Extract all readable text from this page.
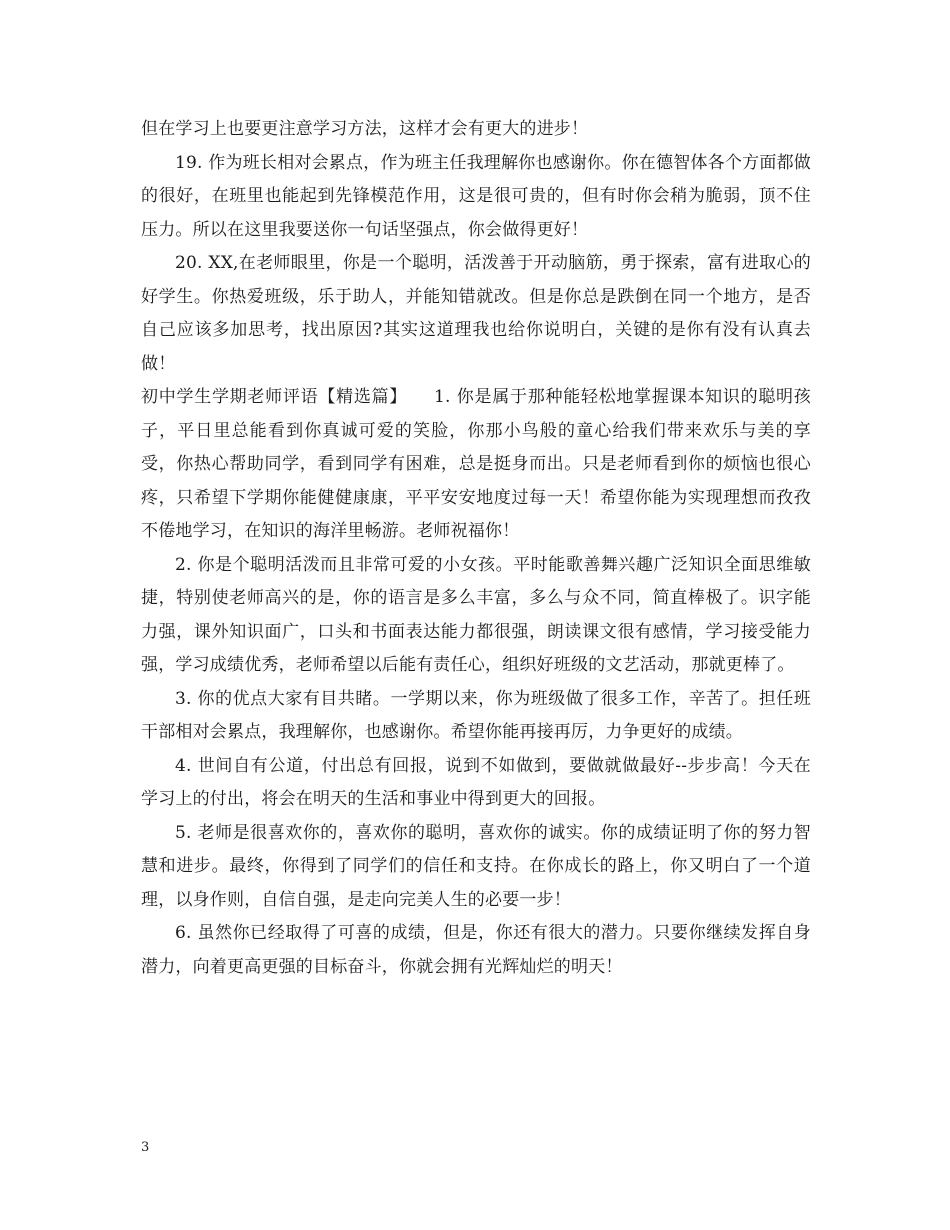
但在学习上也要更注意学习方法，这样才会有更大的进步！

19. 作为班长相对会累点，作为班主任我理解你也感谢你。你在德智体各个方面都做的很好，在班里也能起到先锋模范作用，这是很可贵的，但有时你会稍为脆弱，顶不住压力。所以在这里我要送你一句话坚强点，你会做得更好！

20. XX,在老师眼里，你是一个聪明，活泼善于开动脑筋，勇于探索，富有进取心的好学生。你热爱班级，乐于助人，并能知错就改。但是你总是跌倒在同一个地方，是否自己应该多加思考，找出原因?其实这道理我也给你说明白，关键的是你有没有认真去做！

初中学生学期老师评语【精选篇】　　1. 你是属于那种能轻松地掌握课本知识的聪明孩子，平日里总能看到你真诚可爱的笑脸，你那小鸟般的童心给我们带来欢乐与美的享受，你热心帮助同学，看到同学有困难，总是挺身而出。只是老师看到你的烦恼也很心疼，只希望下学期你能健健康康，平平安安地度过每一天！希望你能为实现理想而孜孜不倦地学习，在知识的海洋里畅游。老师祝福你！

2. 你是个聪明活泼而且非常可爱的小女孩。平时能歌善舞兴趣广泛知识全面思维敏捷，特别使老师高兴的是，你的语言是多么丰富，多么与众不同，简直棒极了。识字能力强，课外知识面广，口头和书面表达能力都很强，朗读课文很有感情，学习接受能力强，学习成绩优秀，老师希望以后能有责任心，组织好班级的文艺活动，那就更棒了。

3. 你的优点大家有目共睹。一学期以来，你为班级做了很多工作，辛苦了。担任班干部相对会累点，我理解你，也感谢你。希望你能再接再厉，力争更好的成绩。

4. 世间自有公道，付出总有回报，说到不如做到，要做就做最好--步步高！今天在学习上的付出，将会在明天的生活和事业中得到更大的回报。

5. 老师是很喜欢你的，喜欢你的聪明，喜欢你的诚实。你的成绩证明了你的努力智慧和进步。最终，你得到了同学们的信任和支持。在你成长的路上，你又明白了一个道理，以身作则，自信自强，是走向完美人生的必要一步！

6. 虽然你已经取得了可喜的成绩，但是，你还有很大的潜力。只要你继续发挥自身潜力，向着更高更强的目标奋斗，你就会拥有光辉灿烂的明天！

3
